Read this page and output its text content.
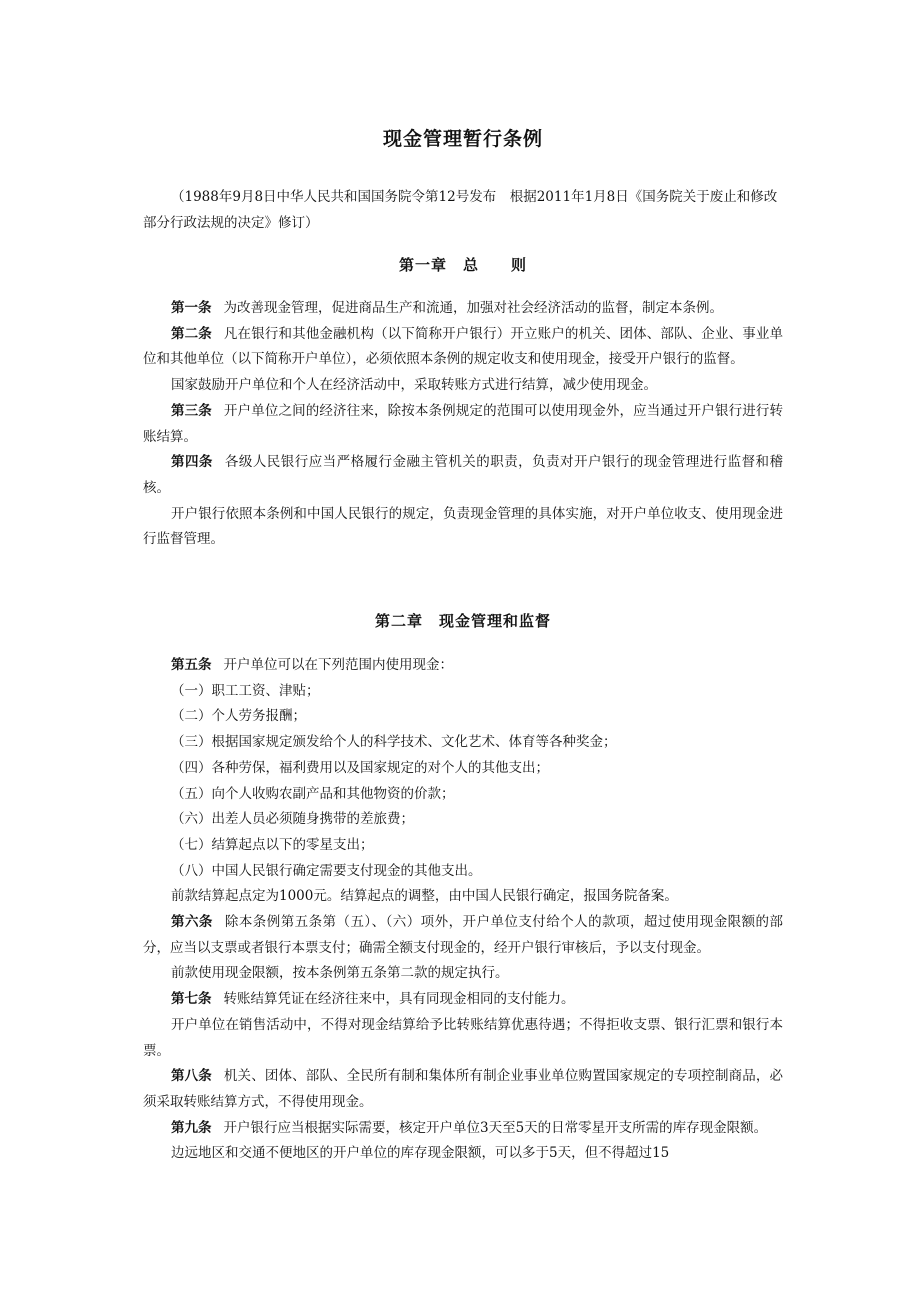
现金管理暂行条例
（1988年9月8日中华人民共和国国务院令第12号发布　根据2011年1月8日《国务院关于废止和修改部分行政法规的决定》修订）
第一章　总　　则

第一条 为改善现金管理，促进商品生产和流通，加强对社会经济活动的监督，制定本条例。

第二条 凡在银行和其他金融机构（以下简称开户银行）开立账户的机关、团体、部队、企业、事业单位和其他单位（以下简称开户单位），必须依照本条例的规定收支和使用现金，接受开户银行的监督。

国家鼓励开户单位和个人在经济活动中，采取转账方式进行结算，减少使用现金。

第三条 开户单位之间的经济往来，除按本条例规定的范围可以使用现金外，应当通过开户银行进行转账结算。

第四条 各级人民银行应当严格履行金融主管机关的职责，负责对开户银行的现金管理进行监督和稽核。

开户银行依照本条例和中国人民银行的规定，负责现金管理的具体实施，对开户单位收支、使用现金进行监督管理。

第二章　现金管理和监督

第五条 开户单位可以在下列范围内使用现金：

（一）职工工资、津贴；

（二）个人劳务报酬；

（三）根据国家规定颁发给个人的科学技术、文化艺术、体育等各种奖金；

（四）各种劳保，福利费用以及国家规定的对个人的其他支出；

（五）向个人收购农副产品和其他物资的价款；

（六）出差人员必须随身携带的差旅费；

（七）结算起点以下的零星支出；

（八）中国人民银行确定需要支付现金的其他支出。

前款结算起点定为1000元。结算起点的调整，由中国人民银行确定，报国务院备案。

第六条 除本条例第五条第（五）、（六）项外，开户单位支付给个人的款项，超过使用现金限额的部分，应当以支票或者银行本票支付；确需全额支付现金的，经开户银行审核后，予以支付现金。

前款使用现金限额，按本条例第五条第二款的规定执行。

第七条 转账结算凭证在经济往来中，具有同现金相同的支付能力。

开户单位在销售活动中，不得对现金结算给予比转账结算优惠待遇；不得拒收支票、银行汇票和银行本票。

第八条 机关、团体、部队、全民所有制和集体所有制企业事业单位购置国家规定的专项控制商品，必须采取转账结算方式，不得使用现金。

第九条 开户银行应当根据实际需要，核定开户单位3天至5天的日常零星开支所需的库存现金限额。

边远地区和交通不便地区的开户单位的库存现金限额，可以多于5天，但不得超过15
